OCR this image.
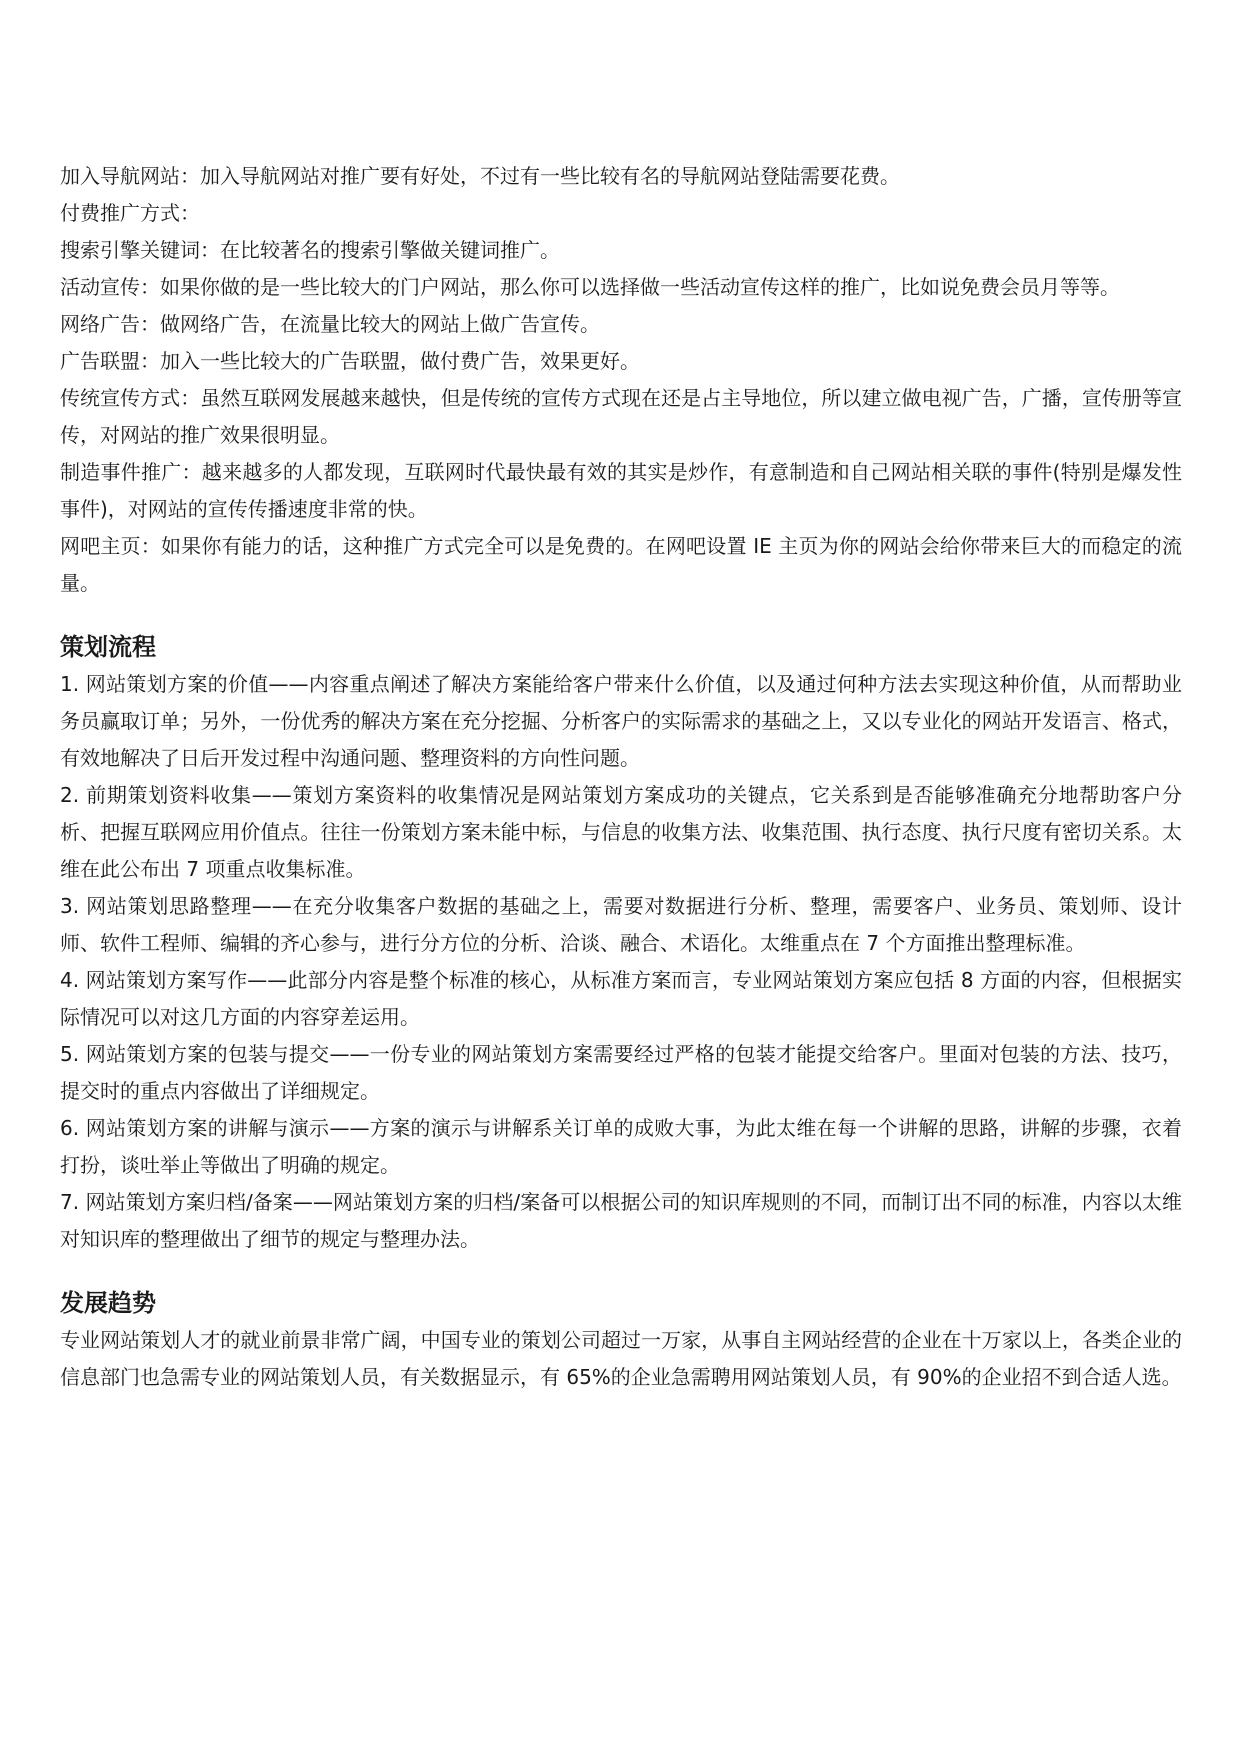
加入导航网站：加入导航网站对推广要有好处，不过有一些比较有名的导航网站登陆需要花费。

付费推广方式：

搜索引擎关键词：在比较著名的搜索引擎做关键词推广。

活动宣传：如果你做的是一些比较大的门户网站，那么你可以选择做一些活动宣传这样的推广，比如说免费会员月等等。

网络广告：做网络广告，在流量比较大的网站上做广告宣传。

广告联盟：加入一些比较大的广告联盟，做付费广告，效果更好。

传统宣传方式：虽然互联网发展越来越快，但是传统的宣传方式现在还是占主导地位，所以建立做电视广告，广播，宣传册等宣传，对网站的推广效果很明显。

制造事件推广：越来越多的人都发现，互联网时代最快最有效的其实是炒作，有意制造和自己网站相关联的事件(特别是爆发性事件)，对网站的宣传传播速度非常的快。

网吧主页：如果你有能力的话，这种推广方式完全可以是免费的。在网吧设置 IE 主页为你的网站会给你带来巨大的而稳定的流量。

策划流程

1. 网站策划方案的价值——内容重点阐述了解决方案能给客户带来什么价值，以及通过何种方法去实现这种价值，从而帮助业务员赢取订单；另外，一份优秀的解决方案在充分挖掘、分析客户的实际需求的基础之上，又以专业化的网站开发语言、格式，有效地解决了日后开发过程中沟通问题、整理资料的方向性问题。

2. 前期策划资料收集——策划方案资料的收集情况是网站策划方案成功的关键点，它关系到是否能够准确充分地帮助客户分析、把握互联网应用价值点。往往一份策划方案未能中标，与信息的收集方法、收集范围、执行态度、执行尺度有密切关系。太维在此公布出 7 项重点收集标准。

3. 网站策划思路整理——在充分收集客户数据的基础之上，需要对数据进行分析、整理，需要客户、业务员、策划师、设计师、软件工程师、编辑的齐心参与，进行分方位的分析、洽谈、融合、术语化。太维重点在 7 个方面推出整理标准。

4. 网站策划方案写作——此部分内容是整个标准的核心，从标准方案而言，专业网站策划方案应包括 8 方面的内容，但根据实际情况可以对这几方面的内容穿差运用。

5. 网站策划方案的包装与提交——一份专业的网站策划方案需要经过严格的包装才能提交给客户。里面对包装的方法、技巧，提交时的重点内容做出了详细规定。

6. 网站策划方案的讲解与演示——方案的演示与讲解系关订单的成败大事，为此太维在每一个讲解的思路，讲解的步骤，衣着打扮，谈吐举止等做出了明确的规定。

7. 网站策划方案归档/备案——网站策划方案的归档/案备可以根据公司的知识库规则的不同，而制订出不同的标准，内容以太维对知识库的整理做出了细节的规定与整理办法。

发展趋势

专业网站策划人才的就业前景非常广阔，中国专业的策划公司超过一万家，从事自主网站经营的企业在十万家以上，各类企业的信息部门也急需专业的网站策划人员，有关数据显示，有 65%的企业急需聘用网站策划人员，有 90%的企业招不到合适人选。
